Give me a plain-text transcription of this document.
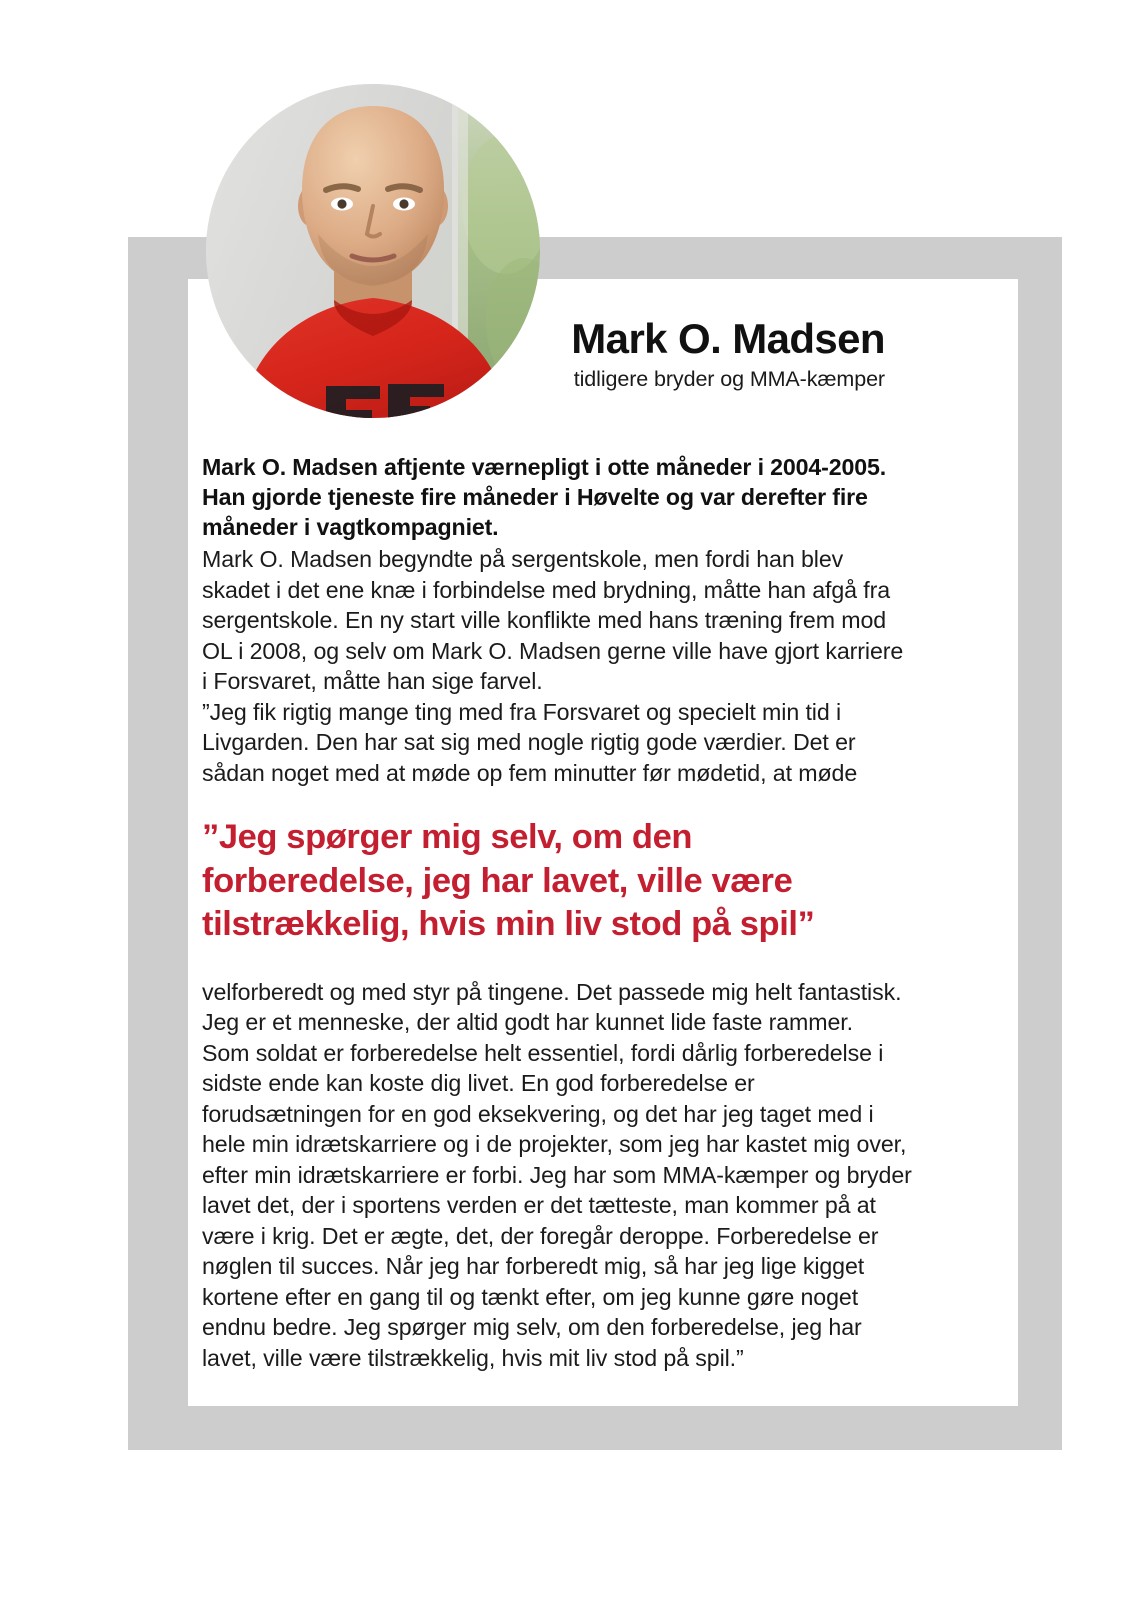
Mark O. Madsen

tidligere bryder og MMA-kæmper

Mark O. Madsen aftjente værnepligt i otte måneder i 2004-2005. Han gjorde tjeneste fire måneder i Høvelte og var derefter fire måneder i vagtkompagniet.

Mark O. Madsen begyndte på sergentskole, men fordi han blev skadet i det ene knæ i forbindelse med brydning, måtte han afgå fra sergentskole. En ny start ville konflikte med hans træning frem mod OL i 2008, og selv om Mark O. Madsen gerne ville have gjort karriere i Forsvaret, måtte han sige farvel.

”Jeg fik rigtig mange ting med fra Forsvaret og specielt min tid i Livgarden. Den har sat sig med nogle rigtig gode værdier. Det er sådan noget med at møde op fem minutter før mødetid, at møde

”Jeg spørger mig selv, om den forberedelse, jeg har lavet, ville være tilstrækkelig, hvis min liv stod på spil”

velforberedt og med styr på tingene. Det passede mig helt fantastisk. Jeg er et menneske, der altid godt har kunnet lide faste rammer.

Som soldat er forberedelse helt essentiel, fordi dårlig forberedelse i sidste ende kan koste dig livet. En god forberedelse er forudsætningen for en god eksekvering, og det har jeg taget med i hele min idrætskarriere og i de projekter, som jeg har kastet mig over, efter min idrætskarriere er forbi. Jeg har som MMA-kæmper og bryder lavet det, der i sportens verden er det tætteste, man kommer på at være i krig. Det er ægte, det, der foregår deroppe. Forberedelse er nøglen til succes. Når jeg har forberedt mig, så har jeg lige kigget kortene efter en gang til og tænkt efter, om jeg kunne gøre noget endnu bedre. Jeg spørger mig selv, om den forberedelse, jeg har lavet, ville være tilstrækkelig, hvis mit liv stod på spil.”
